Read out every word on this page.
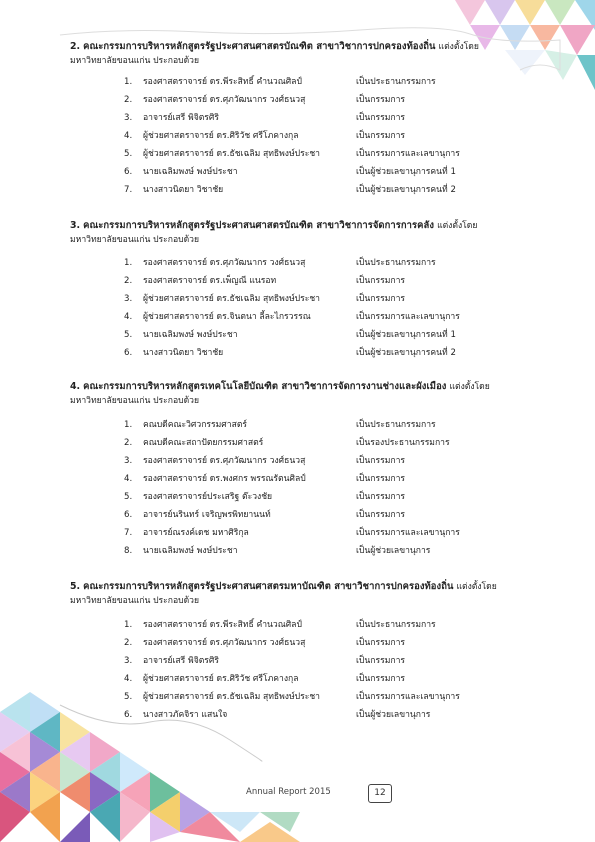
2. คณะกรรมการบริหารหลักสูตรรัฐประศาสนศาสตรบัณฑิต สาขาวิชาการปกครองท้องถิ่น แต่งตั้งโดย
มหาวิทยาลัยขอนแก่น ประกอบด้วย
1. รองศาสตราจารย์ ดร.พีระสิทธิ์ คำนวณศิลป์	เป็นประธานกรรมการ
2. รองศาสตราจารย์ ดร.ศุภวัฒนากร วงศ์ธนวสุ	เป็นกรรมการ
3. อาจารย์เสรี พิจิตรศิริ	เป็นกรรมการ
4. ผู้ช่วยศาสตราจารย์ ดร.ศิริวัช ศรีโภคางกุล	เป็นกรรมการ
5. ผู้ช่วยศาสตราจารย์ ดร.ธัชเฉลิม สุทธิพงษ์ประชา	เป็นกรรมการและเลขานุการ
6. นายเฉลิมพงษ์ พงษ์ประชา	เป็นผู้ช่วยเลขานุการคนที่ 1
7. นางสาวนิตยา วิชาชัย	เป็นผู้ช่วยเลขานุการคนที่ 2
3. คณะกรรมการบริหารหลักสูตรรัฐประศาสนศาสตรบัณฑิต สาขาวิชาการจัดการการคลัง แต่งตั้งโดย
มหาวิทยาลัยขอนแก่น ประกอบด้วย
1. รองศาสตราจารย์ ดร.ศุภวัฒนากร วงศ์ธนวสุ	เป็นประธานกรรมการ
2. รองศาสตราจารย์ ดร.เพ็ญณี แนรอท	เป็นกรรมการ
3. ผู้ช่วยศาสตราจารย์ ดร.ธัชเฉลิม สุทธิพงษ์ประชา	เป็นกรรมการ
4. ผู้ช่วยศาสตราจารย์ ดร.จินตนา ลี้ละไกรวรรณ	เป็นกรรมการและเลขานุการ
5. นายเฉลิมพงษ์ พงษ์ประชา	เป็นผู้ช่วยเลขานุการคนที่ 1
6. นางสาวนิตยา วิชาชัย	เป็นผู้ช่วยเลขานุการคนที่ 2
4. คณะกรรมการบริหารหลักสูตรเทคโนโลยีบัณฑิต สาขาวิชาการจัดการงานช่างและผังเมือง แต่งตั้งโดย
มหาวิทยาลัยขอนแก่น ประกอบด้วย
1. คณบดีคณะวิศวกรรมศาสตร์	เป็นประธานกรรมการ
2. คณบดีคณะสถาปัตยกรรมศาสตร์	เป็นรองประธานกรรมการ
3. รองศาสตราจารย์ ดร.ศุภวัฒนากร วงศ์ธนวสุ	เป็นกรรมการ
4. รองศาสตราจารย์ ดร.พงศกร พรรณรัตนศิลป์	เป็นกรรมการ
5. รองศาสตราจารย์ประเสริฐ ต๊ะวงชัย	เป็นกรรมการ
6. อาจารย์นรินทร์ เจริญพรพิทยานนท์	เป็นกรรมการ
7. อาจารย์ณรงค์เดช มหาศิริกุล	เป็นกรรมการและเลขานุการ
8. นายเฉลิมพงษ์ พงษ์ประชา	เป็นผู้ช่วยเลขานุการ
5. คณะกรรมการบริหารหลักสูตรรัฐประศาสนศาสตรมหาบัณฑิต สาขาวิชาการปกครองท้องถิ่น แต่งตั้งโดย
มหาวิทยาลัยขอนแก่น ประกอบด้วย
1. รองศาสตราจารย์ ดร.พีระสิทธิ์ คำนวณศิลป์	เป็นประธานกรรมการ
2. รองศาสตราจารย์ ดร.ศุภวัฒนากร วงศ์ธนวสุ	เป็นกรรมการ
3. อาจารย์เสรี พิจิตรศิริ	เป็นกรรมการ
4. ผู้ช่วยศาสตราจารย์ ดร.ศิริวัช ศรีโภคางกุล	เป็นกรรมการ
5. ผู้ช่วยศาสตราจารย์ ดร.ธัชเฉลิม สุทธิพงษ์ประชา	เป็นกรรมการและเลขานุการ
6. นางสาวภัคจิรา แสนใจ	เป็นผู้ช่วยเลขานุการ
Annual Report 2015	12
